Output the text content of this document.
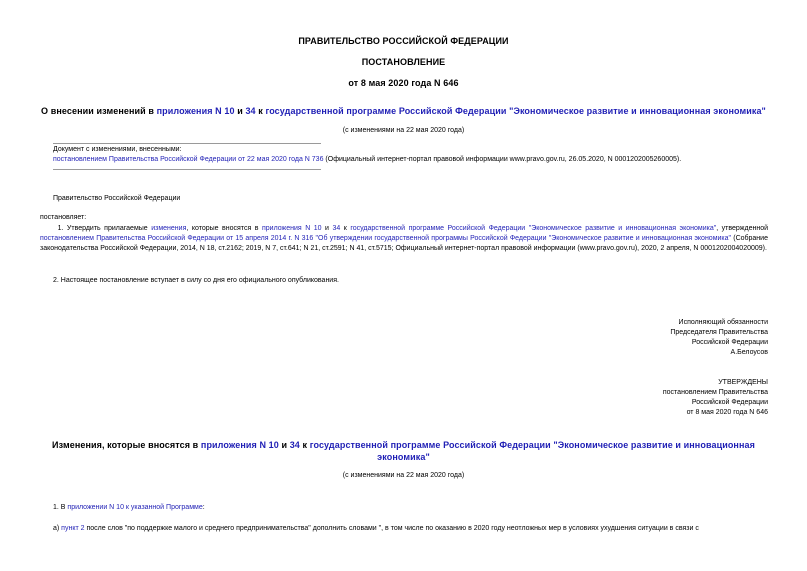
ПРАВИТЕЛЬСТВО РОССИЙСКОЙ ФЕДЕРАЦИИ
ПОСТАНОВЛЕНИЕ
от 8 мая 2020 года N 646
О внесении изменений в приложения N 10 и 34 к государственной программе Российской Федерации "Экономическое развитие и инновационная экономика"
(с изменениями на 22 мая 2020 года)
Документ с изменениями, внесенными:
постановлением Правительства Российской Федерации от 22 мая 2020 года N 736 (Официальный интернет-портал правовой информации www.pravo.gov.ru, 26.05.2020, N 0001202005260005).
Правительство Российской Федерации
постановляет:
1. Утвердить прилагаемые изменения, которые вносятся в приложения N 10 и 34 к государственной программе Российской Федерации "Экономическое развитие и инновационная экономика", утвержденной постановлением Правительства Российской Федерации от 15 апреля 2014 г. N 316 "Об утверждении государственной программы Российской Федерации "Экономическое развитие и инновационная экономика" (Собрание законодательства Российской Федерации, 2014, N 18, ст.2162; 2019, N 7, ст.641; N 21, ст.2591; N 41, ст.5715; Официальный интернет-портал правовой информации (www.pravo.gov.ru), 2020, 2 апреля, N 0001202004020009).
2. Настоящее постановление вступает в силу со дня его официального опубликования.
Исполняющий обязанности
Председателя Правительства
Российской Федерации
А.Белоусов
УТВЕРЖДЕНЫ
постановлением Правительства
Российской Федерации
от 8 мая 2020 года N 646
Изменения, которые вносятся в приложения N 10 и 34 к государственной программе Российской Федерации "Экономическое развитие и инновационная
экономика"
(с изменениями на 22 мая 2020 года)
1. В приложении N 10 к указанной Программе:
а) пункт 2 после слов "по поддержке малого и среднего предпринимательства" дополнить словами ", в том числе по оказанию в 2020 году неотложных мер в условиях ухудшения ситуации в связи с
